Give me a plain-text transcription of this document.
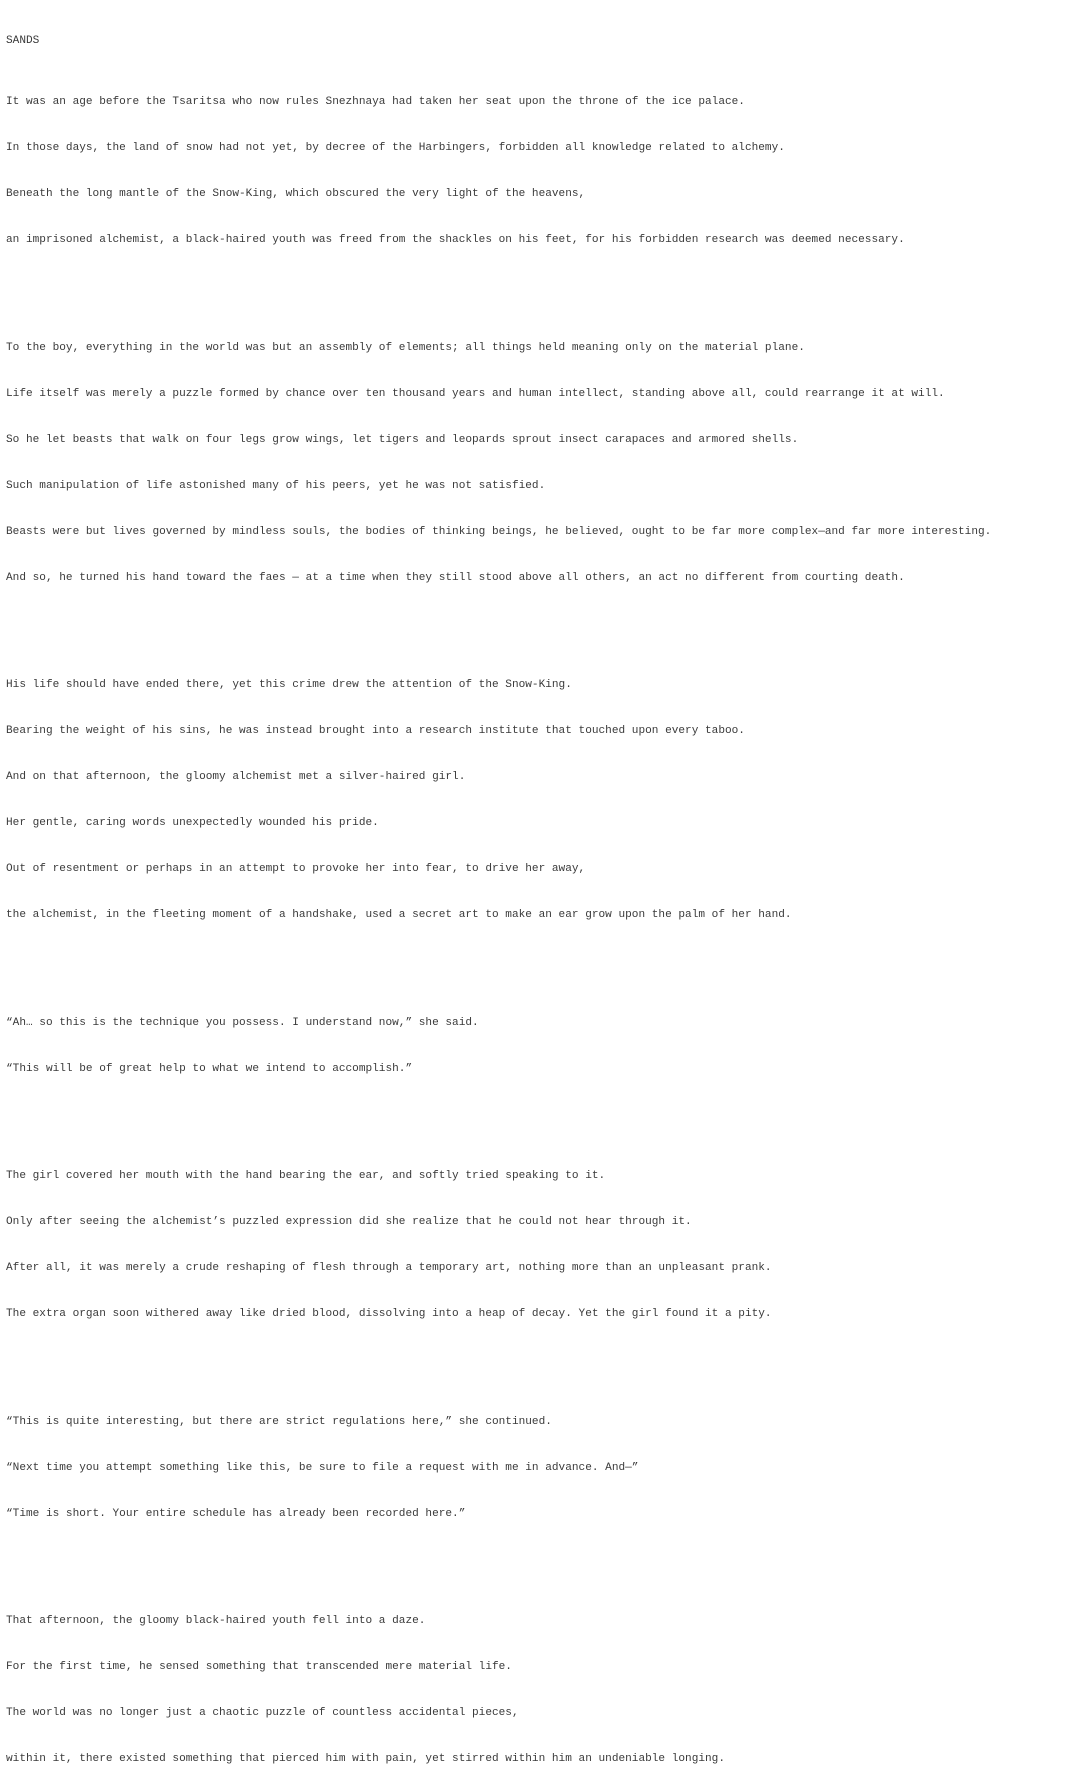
SANDS

It was an age before the Tsaritsa who now rules Snezhnaya had taken her seat upon the throne of the ice palace.

In those days, the land of snow had not yet, by decree of the Harbingers, forbidden all knowledge related to alchemy.

Beneath the long mantle of the Snow-King, which obscured the very light of the heavens,

an imprisoned alchemist, a black-haired youth was freed from the shackles on his feet, for his forbidden research was deemed necessary.

To the boy, everything in the world was but an assembly of elements; all things held meaning only on the material plane.

Life itself was merely a puzzle formed by chance over ten thousand years and human intellect, standing above all, could rearrange it at will.

So he let beasts that walk on four legs grow wings, let tigers and leopards sprout insect carapaces and armored shells.

Such manipulation of life astonished many of his peers, yet he was not satisfied.

Beasts were but lives governed by mindless souls, the bodies of thinking beings, he believed, ought to be far more complex—and far more interesting.

And so, he turned his hand toward the faes — at a time when they still stood above all others, an act no different from courting death.

His life should have ended there, yet this crime drew the attention of the Snow-King.

Bearing the weight of his sins, he was instead brought into a research institute that touched upon every taboo.

And on that afternoon, the gloomy alchemist met a silver-haired girl.

Her gentle, caring words unexpectedly wounded his pride.

Out of resentment or perhaps in an attempt to provoke her into fear, to drive her away,

the alchemist, in the fleeting moment of a handshake, used a secret art to make an ear grow upon the palm of her hand.

“Ah… so this is the technique you possess. I understand now,” she said.

“This will be of great help to what we intend to accomplish.”

The girl covered her mouth with the hand bearing the ear, and softly tried speaking to it.

Only after seeing the alchemist’s puzzled expression did she realize that he could not hear through it.

After all, it was merely a crude reshaping of flesh through a temporary art, nothing more than an unpleasant prank.

The extra organ soon withered away like dried blood, dissolving into a heap of decay. Yet the girl found it a pity.

“This is quite interesting, but there are strict regulations here,” she continued.

“Next time you attempt something like this, be sure to file a request with me in advance. And—”

“Time is short. Your entire schedule has already been recorded here.”

That afternoon, the gloomy black-haired youth fell into a daze.

For the first time, he sensed something that transcended mere material life.

The world was no longer just a chaotic puzzle of countless accidental pieces,

within it, there existed something that pierced him with pain, yet stirred within him an undeniable longing.
